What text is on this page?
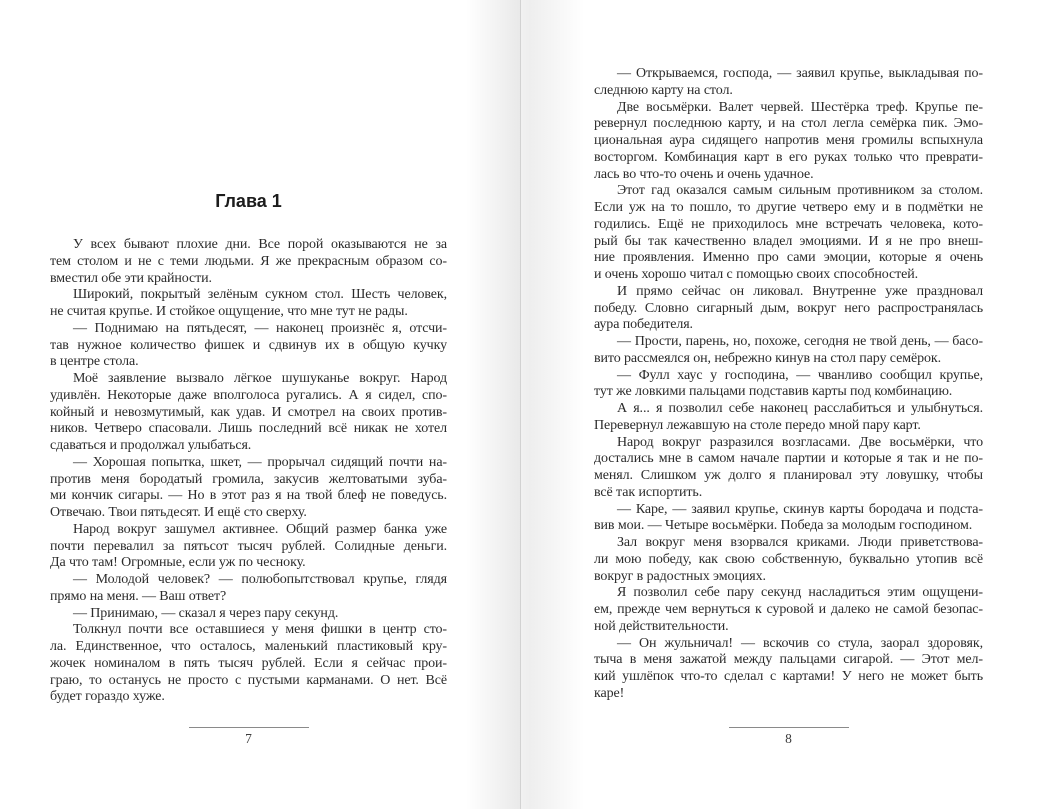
Глава 1
У всех бывают плохие дни. Все порой оказываются не за
тем столом и не с теми людьми. Я же прекрасным образом со-
вместил обе эти крайности.
Широкий, покрытый зелёным сукном стол. Шесть человек,
не считая крупье. И стойкое ощущение, что мне тут не рады.
— Поднимаю на пятьдесят, — наконец произнёс я, отсчи-
тав нужное количество фишек и сдвинув их в общую кучку
в центре стола.
Моё заявление вызвало лёгкое шушуканье вокруг. Народ
удивлён. Некоторые даже вполголоса ругались. А я сидел, спо-
койный и невозмутимый, как удав. И смотрел на своих против-
ников. Четверо спасовали. Лишь последний всё никак не хотел
сдаваться и продолжал улыбаться.
— Хорошая попытка, шкет, — прорычал сидящий почти на-
против меня бородатый громила, закусив желтоватыми зуба-
ми кончик сигары. — Но в этот раз я на твой блеф не поведусь.
Отвечаю. Твои пятьдесят. И ещё сто сверху.
Народ вокруг зашумел активнее. Общий размер банка уже
почти перевалил за пятьсот тысяч рублей. Солидные деньги.
Да что там! Огромные, если уж по чесноку.
— Молодой человек? — полюбопытствовал крупье, глядя
прямо на меня. — Ваш ответ?
— Принимаю, — сказал я через пару секунд.
Толкнул почти все оставшиеся у меня фишки в центр сто-
ла. Единственное, что осталось, маленький пластиковый кру-
жочек номиналом в пять тысяч рублей. Если я сейчас прои-
граю, то останусь не просто с пустыми карманами. О нет. Всё
будет гораздо хуже.
7
— Открываемся, господа, — заявил крупье, выкладывая по-
следнюю карту на стол.
Две восьмёрки. Валет червей. Шестёрка треф. Крупье пе-
ревернул последнюю карту, и на стол легла семёрка пик. Эмо-
циональная аура сидящего напротив меня громилы вспыхнула
восторгом. Комбинация карт в его руках только что преврати-
лась во что-то очень и очень удачное.
Этот гад оказался самым сильным противником за столом.
Если уж на то пошло, то другие четверо ему и в подмётки не
годились. Ещё не приходилось мне встречать человека, кото-
рый бы так качественно владел эмоциями. И я не про внеш-
ние проявления. Именно про сами эмоции, которые я очень
и очень хорошо читал с помощью своих способностей.
И прямо сейчас он ликовал. Внутренне уже праздновал
победу. Словно сигарный дым, вокруг него распространялась
аура победителя.
— Прости, парень, но, похоже, сегодня не твой день, — басо-
вито рассмеялся он, небрежно кинув на стол пару семёрок.
— Фулл хаус у господина, — чванливо сообщил крупье,
тут же ловкими пальцами подставив карты под комбинацию.
А я... я позволил себе наконец расслабиться и улыбнуться.
Перевернул лежавшую на столе передо мной пару карт.
Народ вокруг разразился возгласами. Две восьмёрки, что
достались мне в самом начале партии и которые я так и не по-
менял. Слишком уж долго я планировал эту ловушку, чтобы
всё так испортить.
— Каре, — заявил крупье, скинув карты бородача и подста-
вив мои. — Четыре восьмёрки. Победа за молодым господином.
Зал вокруг меня взорвался криками. Люди приветствова-
ли мою победу, как свою собственную, буквально утопив всё
вокруг в радостных эмоциях.
Я позволил себе пару секунд насладиться этим ощущени-
ем, прежде чем вернуться к суровой и далеко не самой безопас-
ной действительности.
— Он жульничал! — вскочив со стула, заорал здоровяк,
тыча в меня зажатой между пальцами сигарой. — Этот мел-
кий ушлёпок что-то сделал с картами! У него не может быть
каре!
8
